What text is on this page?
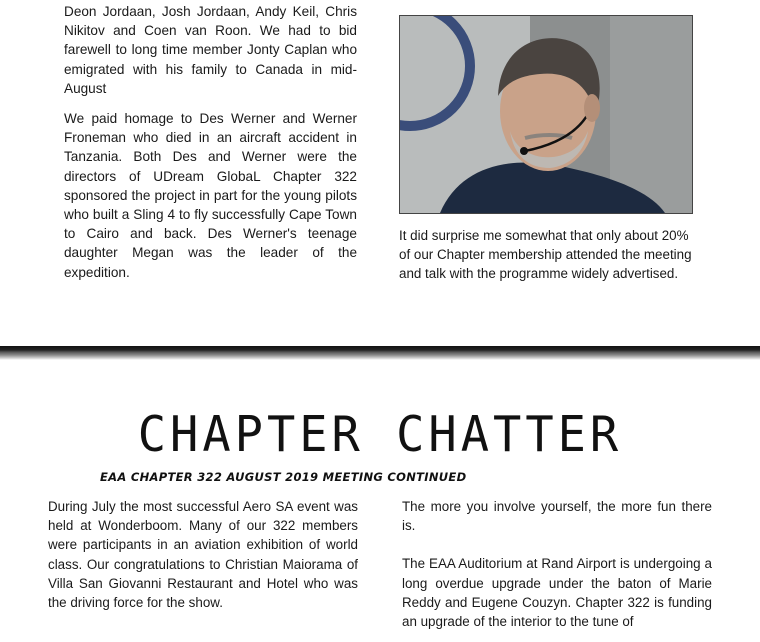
Deon Jordaan, Josh Jordaan, Andy Keil, Chris Nikitov and Coen van Roon. We had to bid farewell to long time member Jonty Caplan who emigrated with his family to Canada in mid-August

We paid homage to Des Werner and Werner Froneman who died in an aircraft accident in Tanzania. Both Des and Werner were the directors of UDream GlobaL Chapter 322 sponsored the project in part for the young pilots who built a Sling 4 to fly successfully Cape Town to Cairo and back. Des Werner's teenage daughter Megan was the leader of the expedition.

It did surprise me somewhat that only about 20% of our Chapter membership attended the meeting and talk with the programme widely advertised.
CHAPTER CHATTER
EAA CHAPTER 322 AUGUST 2019 MEETING CONTINUED

During July the most successful Aero SA event was held at Wonderboom. Many of our 322 members were participants in an aviation exhibition of world class. Our congratulations to Christian Maiorama of Villa San Giovanni Restaurant and Hotel who was the driving force for the show.

The more you involve yourself, the more fun there is.

The EAA Auditorium at Rand Airport is undergoing a long overdue upgrade under the baton of Marie Reddy and Eugene Couzyn. Chapter 322 is funding an upgrade of the interior to the tune of
